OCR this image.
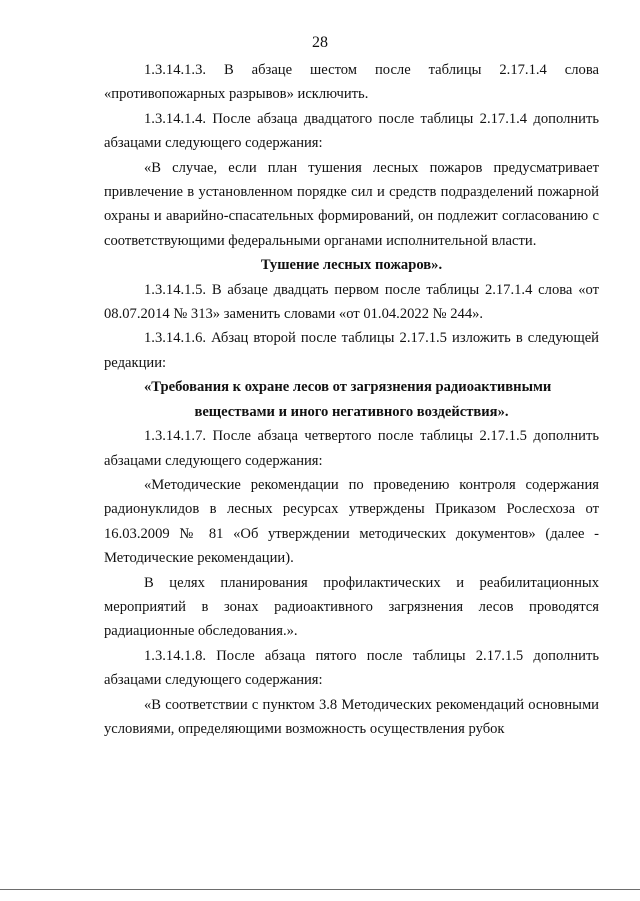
28

1.3.14.1.3. В абзаце шестом после таблицы 2.17.1.4 слова «противопожарных разрывов» исключить.

1.3.14.1.4. После абзаца двадцатого после таблицы 2.17.1.4 дополнить абзацами следующего содержания:

«В случае, если план тушения лесных пожаров предусматривает привлечение в установленном порядке сил и средств подразделений пожарной охраны и аварийно-спасательных формирований, он подлежит согласованию с соответствующими федеральными органами исполнительной власти.

Тушение лесных пожаров».

1.3.14.1.5. В абзаце двадцать первом после таблицы 2.17.1.4 слова «от 08.07.2014 № 313» заменить словами «от 01.04.2022 № 244».

1.3.14.1.6. Абзац второй после таблицы 2.17.1.5 изложить в следующей редакции:

«Требования к охране лесов от загрязнения радиоактивными

веществами и иного негативного воздействия».

1.3.14.1.7. После абзаца четвертого после таблицы 2.17.1.5 дополнить абзацами следующего содержания:

«Методические рекомендации по проведению контроля содержания радионуклидов в лесных ресурсах утверждены Приказом Рослесхоза от 16.03.2009 № 81 «Об утверждении методических документов» (далее - Методические рекомендации).

В целях планирования профилактических и реабилитационных мероприятий в зонах радиоактивного загрязнения лесов проводятся радиационные обследования.».

1.3.14.1.8. После абзаца пятого после таблицы 2.17.1.5 дополнить абзацами следующего содержания:

«В соответствии с пунктом 3.8 Методических рекомендаций основными условиями, определяющими возможность осуществления рубок
